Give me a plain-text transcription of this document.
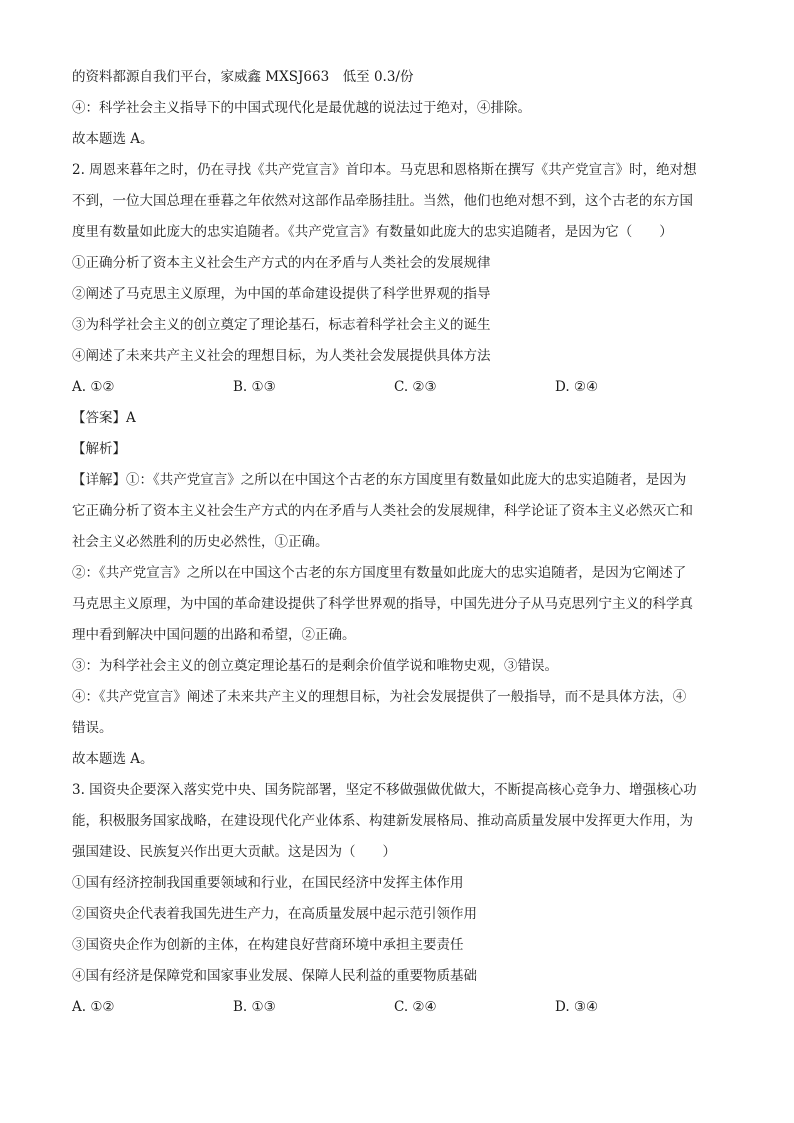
的资料都源自我们平台，家威鑫 MXSJ663　低至 0.3/份
④：科学社会主义指导下的中国式现代化是最优越的说法过于绝对，④排除。
故本题选 A。
2. 周恩来暮年之时，仍在寻找《共产党宣言》首印本。马克思和恩格斯在撰写《共产党宣言》时，绝对想
不到，一位大国总理在垂暮之年依然对这部作品牵肠挂肚。当然，他们也绝对想不到，这个古老的东方国
度里有数量如此庞大的忠实追随者。《共产党宣言》有数量如此庞大的忠实追随者，是因为它（　　）
①正确分析了资本主义社会生产方式的内在矛盾与人类社会的发展规律
②阐述了马克思主义原理，为中国的革命建设提供了科学世界观的指导
③为科学社会主义的创立奠定了理论基石，标志着科学社会主义的诞生
④阐述了未来共产主义社会的理想目标，为人类社会发展提供具体方法
A. ①②	B. ①③	C. ②③	D. ②④
【答案】A
【解析】
【详解】①：《共产党宣言》之所以在中国这个古老的东方国度里有数量如此庞大的忠实追随者，是因为
它正确分析了资本主义社会生产方式的内在矛盾与人类社会的发展规律，科学论证了资本主义必然灭亡和
社会主义必然胜利的历史必然性，①正确。
②：《共产党宣言》之所以在中国这个古老的东方国度里有数量如此庞大的忠实追随者，是因为它阐述了
马克思主义原理，为中国的革命建设提供了科学世界观的指导，中国先进分子从马克思列宁主义的科学真
理中看到解决中国问题的出路和希望，②正确。
③：为科学社会主义的创立奠定理论基石的是剩余价值学说和唯物史观，③错误。
④：《共产党宣言》阐述了未来共产主义的理想目标，为社会发展提供了一般指导，而不是具体方法，④
错误。
故本题选 A。
3. 国资央企要深入落实党中央、国务院部署，坚定不移做强做优做大，不断提高核心竞争力、增强核心功
能，积极服务国家战略，在建设现代化产业体系、构建新发展格局、推动高质量发展中发挥更大作用，为
强国建设、民族复兴作出更大贡献。这是因为（　　）
①国有经济控制我国重要领域和行业，在国民经济中发挥主体作用
②国资央企代表着我国先进生产力，在高质量发展中起示范引领作用
③国资央企作为创新的主体，在构建良好营商环境中承担主要责任
④国有经济是保障党和国家事业发展、保障人民利益的重要物质基础
A. ①②	B. ①③	C. ②④	D. ③④
